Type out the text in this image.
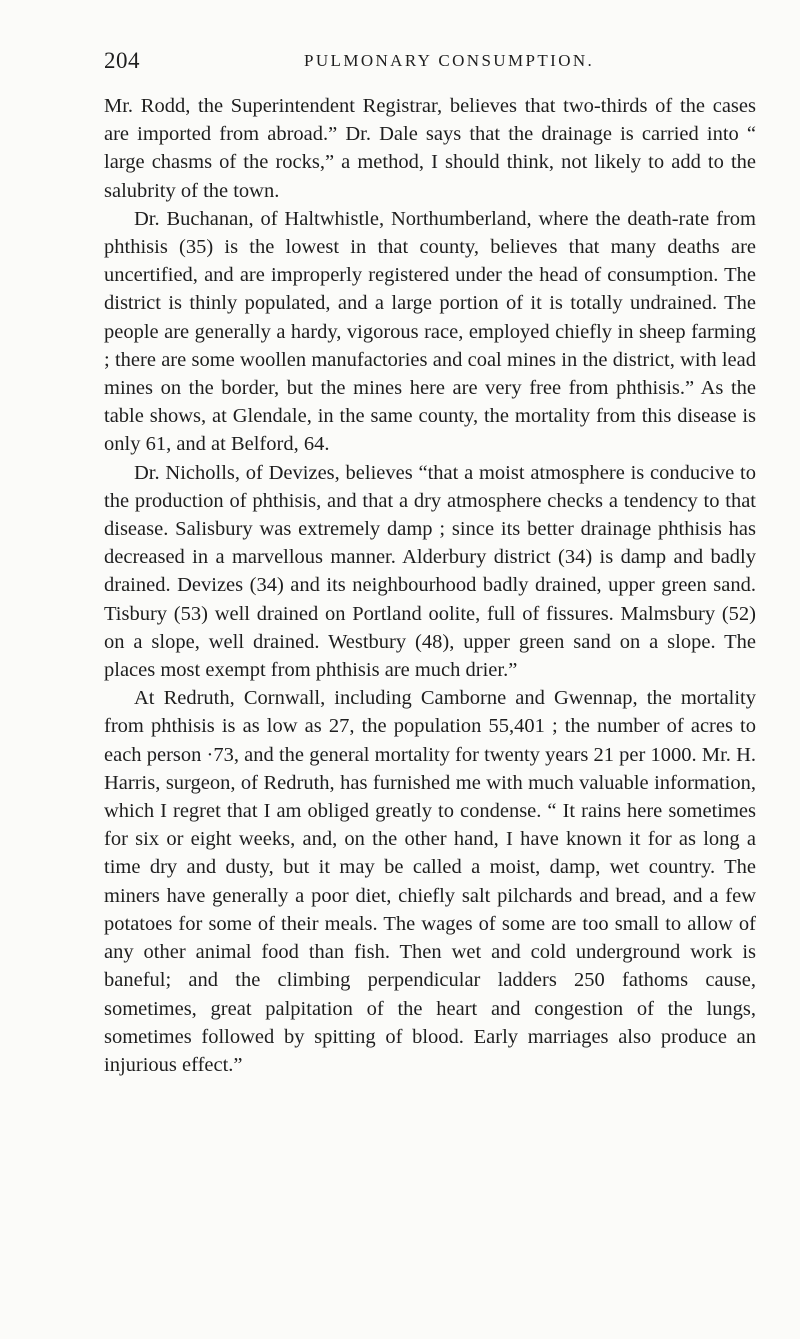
204	PULMONARY CONSUMPTION.

Mr. Rodd, the Superintendent Registrar, believes that two-thirds of the cases are imported from abroad.” Dr. Dale says that the drainage is carried into “ large chasms of the rocks,” a method, I should think, not likely to add to the salubrity of the town.

Dr. Buchanan, of Haltwhistle, Northumberland, where the death-rate from phthisis (35) is the lowest in that county, believes that many deaths are uncertified, and are improperly registered under the head of consumption. The district is thinly populated, and a large portion of it is totally undrained. The people are generally a hardy, vigorous race, employed chiefly in sheep farming ; there are some woollen manufactories and coal mines in the district, with lead mines on the border, but the mines here are very free from phthisis.” As the table shows, at Glendale, in the same county, the mortality from this disease is only 61, and at Belford, 64.

Dr. Nicholls, of Devizes, believes “that a moist atmosphere is conducive to the production of phthisis, and that a dry atmosphere checks a tendency to that disease. Salisbury was extremely damp ; since its better drainage phthisis has decreased in a marvellous manner. Alderbury district (34) is damp and badly drained. Devizes (34) and its neighbourhood badly drained, upper green sand. Tisbury (53) well drained on Portland oolite, full of fissures. Malmsbury (52) on a slope, well drained. Westbury (48), upper green sand on a slope. The places most exempt from phthisis are much drier.”

At Redruth, Cornwall, including Camborne and Gwennap, the mortality from phthisis is as low as 27, the population 55,401 ; the number of acres to each person ·73, and the general mortality for twenty years 21 per 1000. Mr. H. Harris, surgeon, of Redruth, has furnished me with much valuable information, which I regret that I am obliged greatly to condense. “ It rains here sometimes for six or eight weeks, and, on the other hand, I have known it for as long a time dry and dusty, but it may be called a moist, damp, wet country. The miners have generally a poor diet, chiefly salt pilchards and bread, and a few potatoes for some of their meals. The wages of some are too small to allow of any other animal food than fish. Then wet and cold underground work is baneful; and the climbing perpendicular ladders 250 fathoms cause, sometimes, great palpitation of the heart and congestion of the lungs, sometimes followed by spitting of blood. Early marriages also produce an injurious effect.”
